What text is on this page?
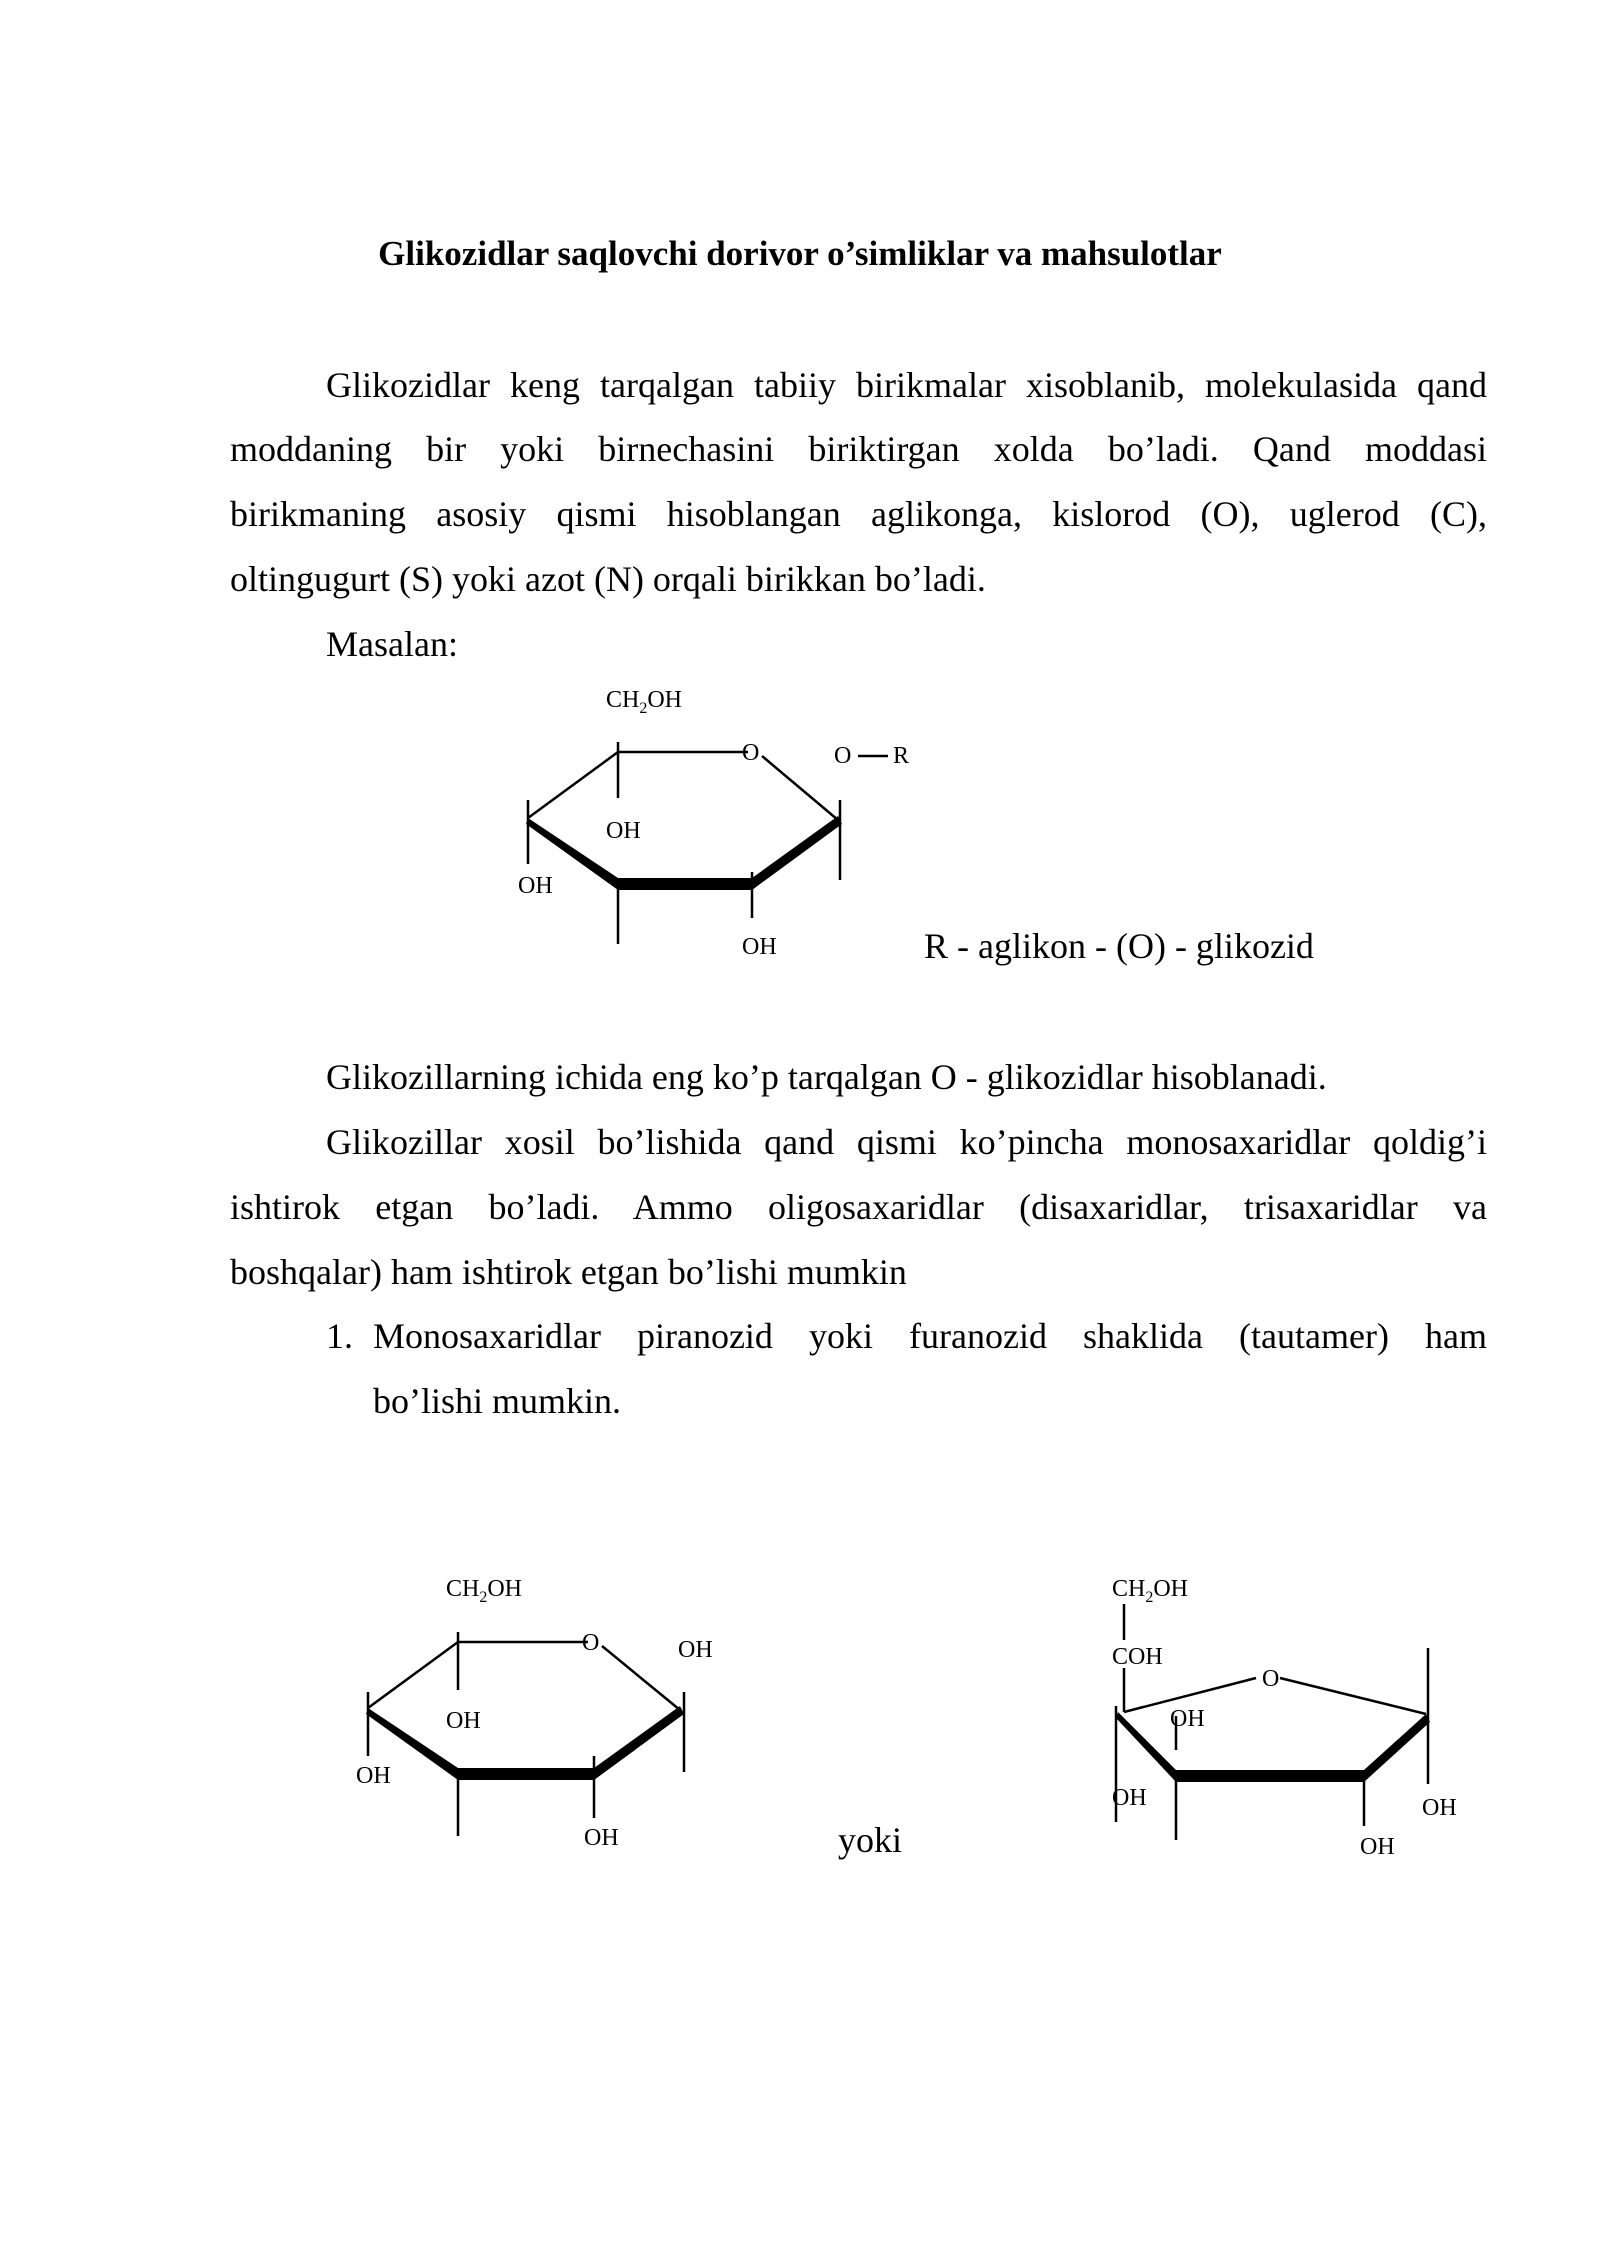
Glikozidlar saqlovchi dorivor o’simliklar va mahsulotlar
Glikozidlar keng tarqalgan tabiiy birikmalar xisoblanib, molekulasida qand
moddaning bir yoki birnechasini biriktirgan xolda bo’ladi. Qand moddasi
birikmaning asosiy qismi hisoblangan aglikonga, kislorod (O), uglerod (C),
oltingugurt (S) yoki azot (N) orqali birikkan bo’ladi.
Masalan:
$CH_2OH$
O	O R
OH
OH
OH	R - aglikon - (O) - glikozid
Glikozillarning ichida eng ko’p tarqalgan O - glikozidlar hisoblanadi.
Glikozillar xosil bo’lishida qand qismi ko’pincha monosaxaridlar qoldig’i
ishtirok etgan bo’ladi. Ammo oligosaxaridlar (disaxaridlar, trisaxaridlar va
boshqalar) ham ishtirok etgan bo’lishi mumkin
1. Monosaxaridlar piranozid yoki furanozid shaklida (tautamer) ham
bo’lishi mumkin.
$CH_2OH$
O	OH
OH
OH
OH	yoki
$CH_2OH$
COH
O
OH
OH	OH
OH
